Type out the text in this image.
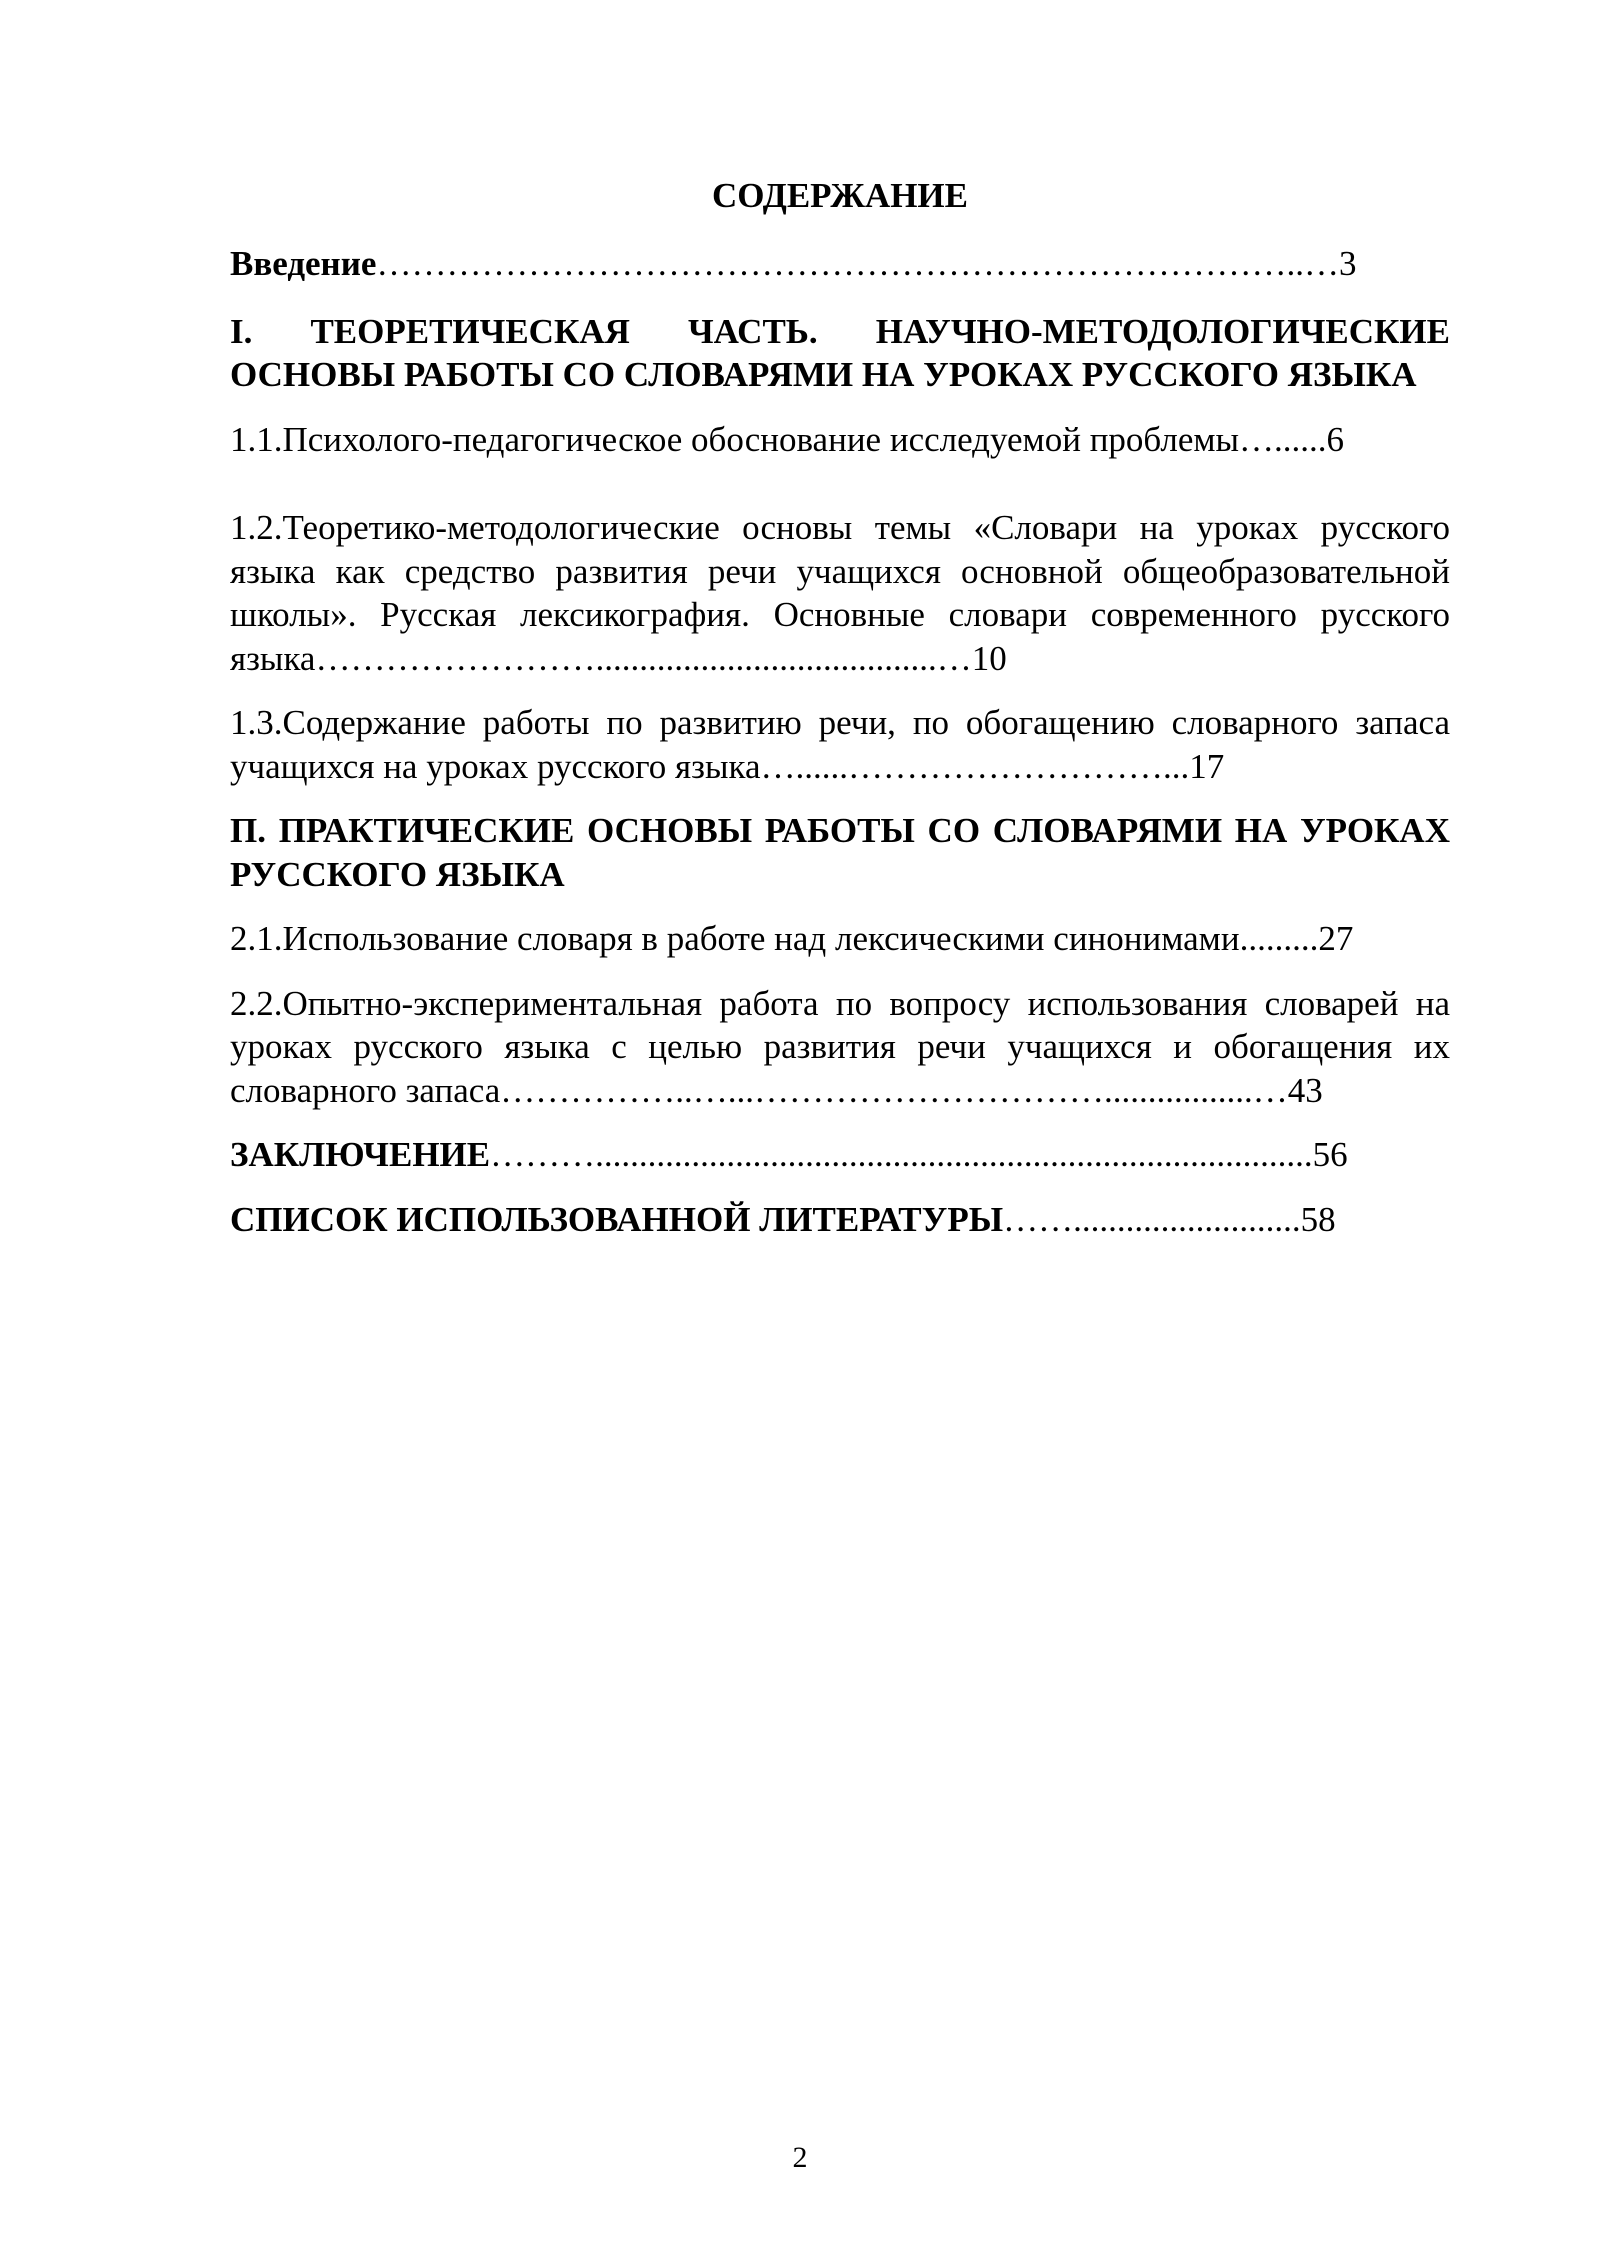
СОДЕРЖАНИЕ

Введение……………………………………………………………………..…3

I. ТЕОРЕТИЧЕСКАЯ ЧАСТЬ. НАУЧНО-МЕТОДОЛОГИЧЕСКИЕ ОСНОВЫ РАБОТЫ СО СЛОВАРЯМИ НА УРОКАХ РУССКОГО ЯЗЫКА

1.1.Психолого-педагогическое обоснование исследуемой проблемы…......6

1.2.Теоретико-методологические основы темы «Словари на уроках русского языка как средство развития речи учащихся основной общеобразовательной школы». Русская лексикография. Основные словари современного русского языка…………………….......................................…10

1.3.Содержание работы по развитию речи, по обогащению словарного запаса учащихся на уроках русского языка…......………………………...17

П. ПРАКТИЧЕСКИЕ ОСНОВЫ РАБОТЫ СО СЛОВАРЯМИ НА УРОКАХ РУССКОГО ЯЗЫКА

2.1.Использование словаря в работе над лексическими синонимами.........27

2.2.Опытно-экспериментальная работа по вопросу использования словарей на уроках русского языка с целью развития речи учащихся и обогащения их словарного запаса……………..…...………………………….................…43

ЗАКЛЮЧЕНИЕ………..................................................................................56

СПИСОК ИСПОЛЬЗОВАННОЙ ЛИТЕРАТУРЫ……..........................58

2
